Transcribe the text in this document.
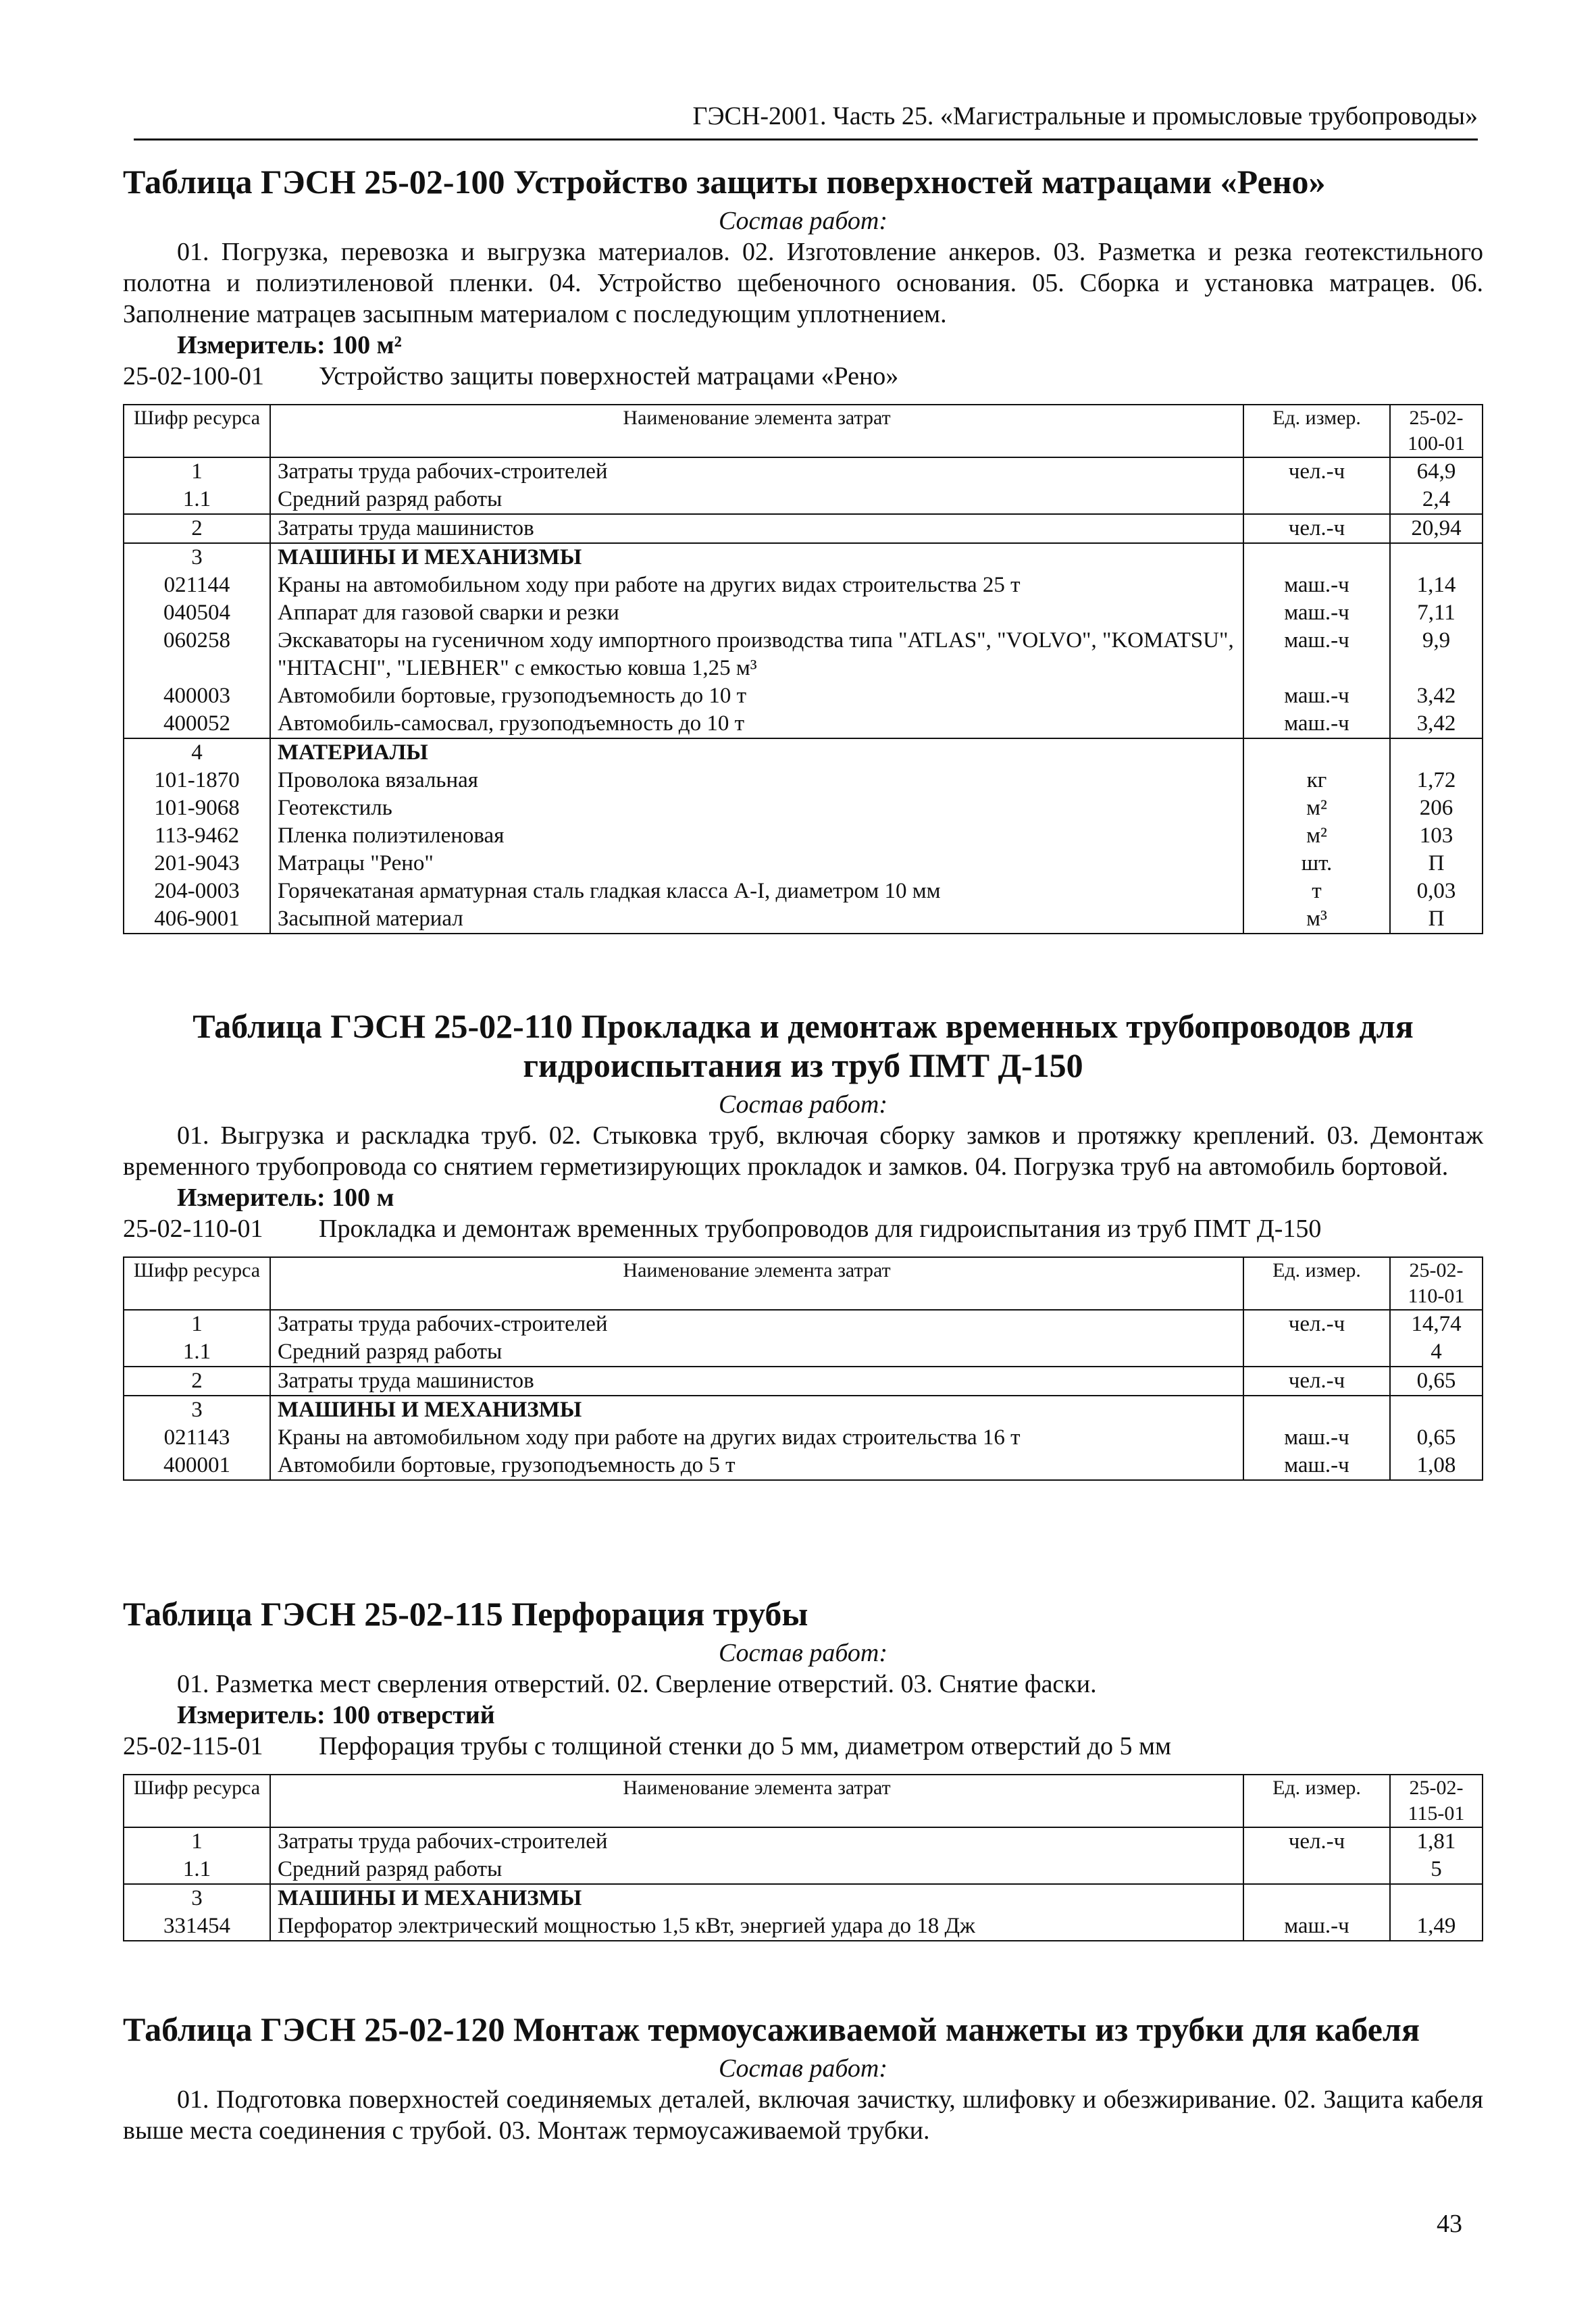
ГЭСН-2001. Часть 25. «Магистральные и промысловые трубопроводы»
Таблица ГЭСН 25-02-100 Устройство защиты поверхностей матрацами «Рено»
Состав работ:
01. Погрузка, перевозка и выгрузка материалов. 02. Изготовление анкеров. 03. Разметка и резка геотекстильного полотна и полиэтиленовой пленки. 04. Устройство щебеночного основания. 05. Сборка и установка матрацев. 06. Заполнение матрацев засыпным материалом с последующим уплотнением.
Измеритель: 100 м²
25-02-100-01 Устройство защиты поверхностей матрацами «Рено»
Шифр ресурса	Наименование элемента затрат	Ед. измер.	25-02-100-01
1	Затраты труда рабочих-строителей	чел.-ч	64,9
1.1	Средний разряд работы		2,4
2	Затраты труда машинистов	чел.-ч	20,94
3	МАШИНЫ И МЕХАНИЗМЫ		
021144	Краны на автомобильном ходу при работе на других видах строительства 25 т	маш.-ч	1,14
040504	Аппарат для газовой сварки и резки	маш.-ч	7,11
060258	Экскаваторы на гусеничном ходу импортного производства типа "ATLAS", "VOLVO", "KOMATSU", "HITACHI", "LIEBHER" с емкостью ковша 1,25 м³	маш.-ч	9,9
400003	Автомобили бортовые, грузоподъемность до 10 т	маш.-ч	3,42
400052	Автомобиль-самосвал, грузоподъемность до 10 т	маш.-ч	3,42
4	МАТЕРИАЛЫ		
101-1870	Проволока вязальная	кг	1,72
101-9068	Геотекстиль	м²	206
113-9462	Пленка полиэтиленовая	м²	103
201-9043	Матрацы "Рено"	шт.	П
204-0003	Горячекатаная арматурная сталь гладкая класса А-I, диаметром 10 мм	т	0,03
406-9001	Засыпной материал	м³	П
Таблица ГЭСН 25-02-110 Прокладка и демонтаж временных трубопроводов для гидроиспытания из труб ПМТ Д-150
Состав работ:
01. Выгрузка и раскладка труб. 02. Стыковка труб, включая сборку замков и протяжку креплений. 03. Демонтаж временного трубопровода со снятием герметизирующих прокладок и замков. 04. Погрузка труб на автомобиль бортовой.
Измеритель: 100 м
25-02-110-01 Прокладка и демонтаж временных трубопроводов для гидроиспытания из труб ПМТ Д-150
Шифр ресурса	Наименование элемента затрат	Ед. измер.	25-02-110-01
1	Затраты труда рабочих-строителей	чел.-ч	14,74
1.1	Средний разряд работы		4
2	Затраты труда машинистов	чел.-ч	0,65
3	МАШИНЫ И МЕХАНИЗМЫ		
021143	Краны на автомобильном ходу при работе на других видах строительства 16 т	маш.-ч	0,65
400001	Автомобили бортовые, грузоподъемность до 5 т	маш.-ч	1,08
Таблица ГЭСН 25-02-115 Перфорация трубы
Состав работ:
01. Разметка мест сверления отверстий. 02. Сверление отверстий. 03. Снятие фаски.
Измеритель: 100 отверстий
25-02-115-01 Перфорация трубы с толщиной стенки до 5 мм, диаметром отверстий до 5 мм
Шифр ресурса	Наименование элемента затрат	Ед. измер.	25-02-115-01
1	Затраты труда рабочих-строителей	чел.-ч	1,81
1.1	Средний разряд работы		5
3	МАШИНЫ И МЕХАНИЗМЫ		
331454	Перфоратор электрический мощностью 1,5 кВт, энергией удара до 18 Дж	маш.-ч	1,49
Таблица ГЭСН 25-02-120 Монтаж термоусаживаемой манжеты из трубки для кабеля
Состав работ:
01. Подготовка поверхностей соединяемых деталей, включая зачистку, шлифовку и обезжиривание. 02. Защита кабеля выше места соединения с трубой. 03. Монтаж термоусаживаемой трубки.
43
